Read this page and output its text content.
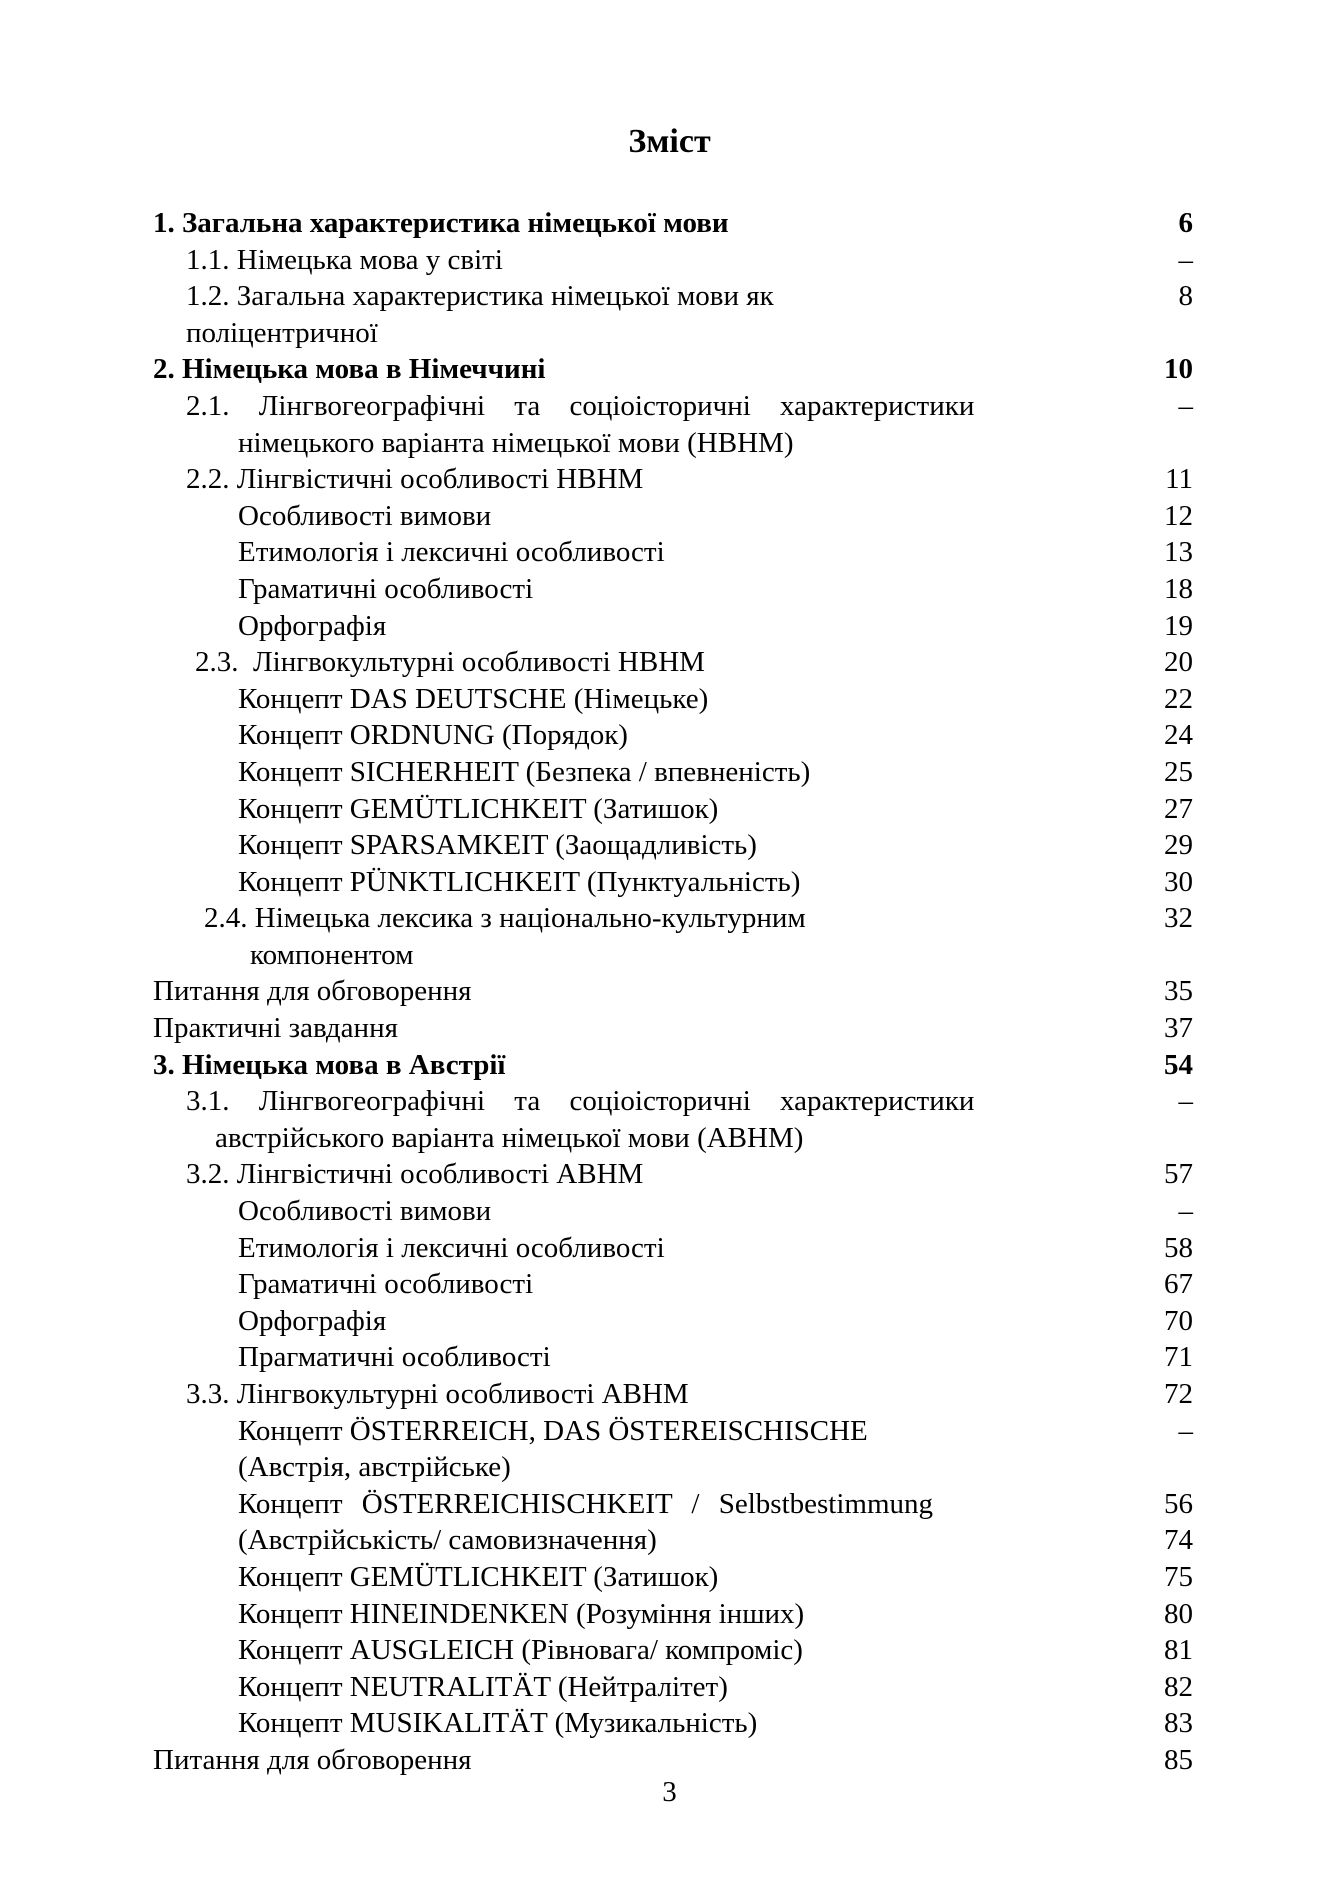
Зміст
1. Загальна характеристика німецької мови	6
1.1. Німецька мова у світі	–
1.2. Загальна характеристика німецької мови як	8
поліцентричної
2. Німецька мова в Німеччині	10
2.1. Лінгвогеографічні та соціоісторичні характеристики	–
німецького варіанта німецької мови (НВНМ)
2.2. Лінгвістичні особливості НВНМ	11
Особливості вимови	12
Етимологія і лексичні особливості	13
Граматичні особливості	18
Орфографія	19
2.3.  Лінгвокультурні особливості НВНМ	20
Концепт DAS DEUTSCHE (Німецьке)	22
Концепт ORDNUNG (Порядок)	24
Концепт SICHERHEIT (Безпека / впевненість)	25
Концепт GEMÜTLICHKEIT (Затишок)	27
Концепт SPARSAMKEIT (Заощадливість)	29
Концепт PÜNKTLICHKEIT (Пунктуальність)	30
2.4. Німецька лексика з національно-культурним	32
компонентом
Питання для обговорення	35
Практичні завдання	37
3. Німецька мова в Австрії	54
3.1. Лінгвогеографічні та соціоісторичні характеристики	–
австрійського варіанта німецької мови (АВНМ)
3.2. Лінгвістичні особливості АВНМ	57
Особливості вимови	–
Етимологія і лексичні особливості	58
Граматичні особливості	67
Орфографія	70
Прагматичні особливості	71
3.3. Лінгвокультурні особливості АВНМ	72
Концепт ÖSTERREICH, DAS ÖSTEREISCHISCHE	–
(Австрія, австрійське)
Концепт ÖSTERREICHISCHKEIT / Selbstbestimmung	56
(Австрійськість/ самовизначення)	74
Концепт GEMÜTLICHKEIT (Затишок)	75
Концепт HINEINDENKEN (Розуміння інших)	80
Концепт AUSGLEICH (Рівновага/ компроміс)	81
Концепт NEUTRALITÄT (Нейтралітет)	82
Концепт MUSIKALITÄT (Музикальність)	83
Питання для обговорення	85
3
